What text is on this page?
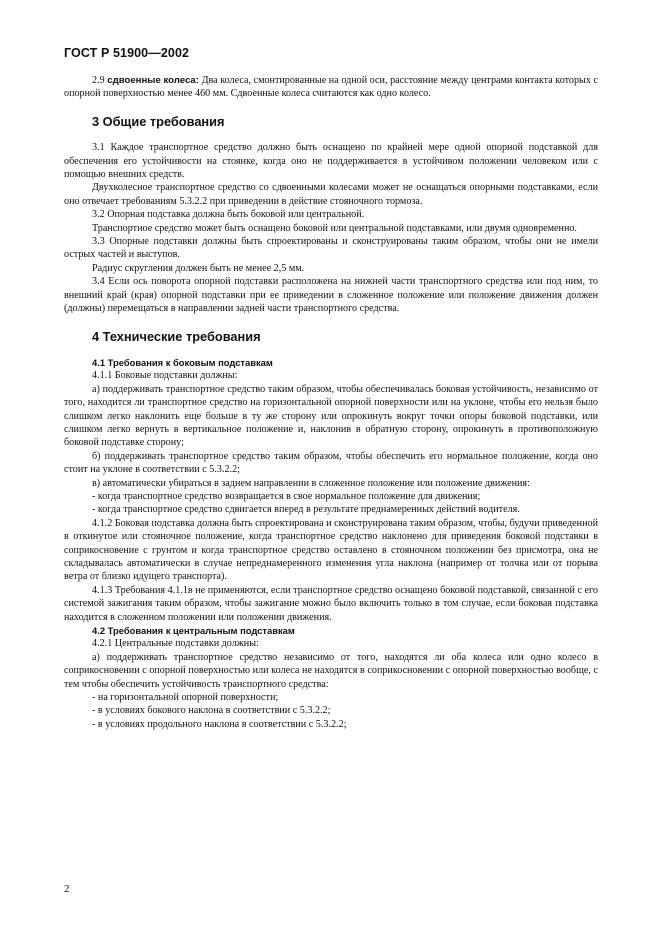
ГОСТ Р 51900—2002

2.9 сдвоенные колеса: Два колеса, смонтированные на одной оси, расстояние между центрами контакта которых с опорной поверхностью менее 460 мм. Сдвоенные колеса считаются как одно колесо.

3 Общие требования

3.1 Каждое транспортное средство должно быть оснащено по крайней мере одной опорной подставкой для обеспечения его устойчивости на стоянке, когда оно не поддерживается в устойчивом положении человеком или с помощью внешних средств.

Двухколесное транспортное средство со сдвоенными колесами может не оснащаться опорными подставками, если оно отвечает требованиям 5.3.2.2 при приведении в действие стояночного тормоза.

3.2 Опорная подставка должна быть боковой или центральной.

Транспортное средство может быть оснащено боковой или центральной подставками, или двумя одновременно.

3.3 Опорные подставки должны быть спроектированы и сконструированы таким образом, чтобы они не имели острых частей и выступов.

Радиус скругления должен быть не менее 2,5 мм.

3.4 Если ось поворота опорной подставки расположена на нижней части транспортного средства или под ним, то внешний край (края) опорной подставки при ее приведении в сложенное положение или положение движения должен (должны) перемещаться в направлении задней части транспортного средства.

4 Технические требования
4.1 Требования к боковым подставкам

4.1.1 Боковые подставки должны:

а) поддерживать транспортное средство таким образом, чтобы обеспечивалась боковая устойчивость, независимо от того, находится ли транспортное средство на горизонтальной опорной поверхности или на уклоне, чтобы его нельзя было слишком легко наклонить еще больше в ту же сторону или опрокинуть вокруг точки опоры боковой подставки, или слишком легко вернуть в вертикальное положение и, наклонив в обратную сторону, опрокинуть в противоположную боковой подставке сторону;

б) поддерживать транспортное средство таким образом, чтобы обеспечить его нормальное положение, когда оно стоит на уклоне в соответствии с 5.3.2.2;

в) автоматически убираться в заднем направлении в сложенное положение или положение движения:

- когда транспортное средство возвращается в свое нормальное положение для движения;

- когда транспортное средство сдвигается вперед в результате преднамеренных действий водителя.

4.1.2 Боковая подставка должна быть спроектирована и сконструирована таким образом, чтобы, будучи приведенной в откинутое или стояночное положение, когда транспортное средство наклонено для приведения боковой подставки в соприкосновение с грунтом и когда транспортное средство оставлено в стояночном положении без присмотра, она не складывалась автоматически в случае непреднамеренного изменения угла наклона (например от толчка или от порыва ветра от близко идущего транспорта).

4.1.3 Требования 4.1.1в не применяются, если транспортное средство оснащено боковой подставкой, связанной с его системой зажигания таким образом, чтобы зажигание можно было включить только в том случае, если боковая подставка находится в сложенном положении или положении движения.

4.2 Требования к центральным подставкам

4.2.1 Центральные подставки должны:

а) поддерживать транспортное средство независимо от того, находятся ли оба колеса или одно колесо в соприкосновении с опорной поверхностью или колеса не находятся в соприкосновении с опорной поверхностью вообще, с тем чтобы обеспечить устойчивость транспортного средства:

- на горизонтальной опорной поверхности;

- в условиях бокового наклона в соответствии с 5.3.2.2;

- в условиях продольного наклона в соответствии с 5.3.2.2;

2
